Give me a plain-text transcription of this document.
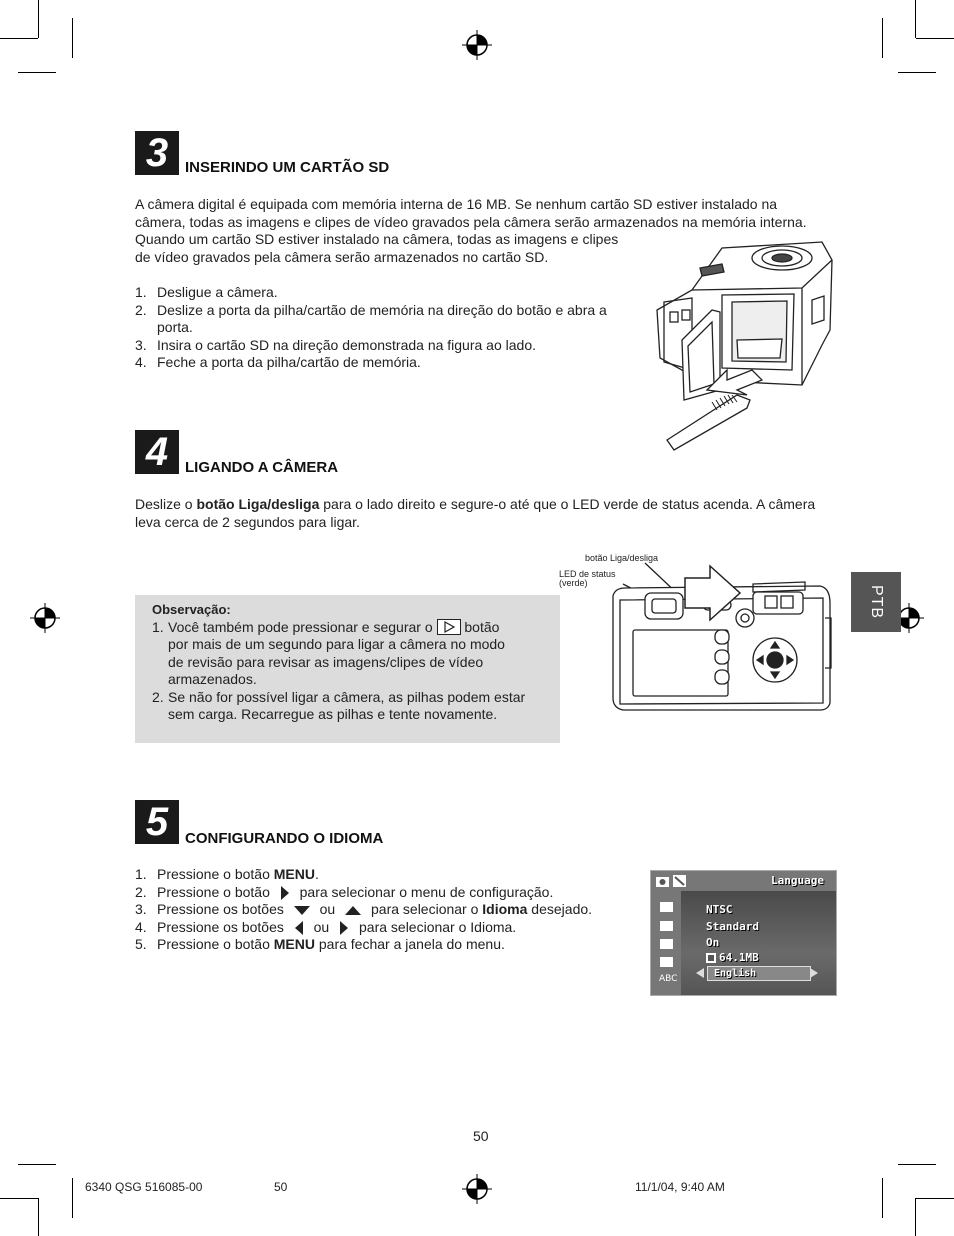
3	INSERINDO UM CARTÃO SD
A câmera digital é equipada com memória interna de 16 MB. Se nenhum cartão SD estiver instalado na
câmera, todas as imagens e clipes de vídeo gravados pela câmera serão armazenados na memória interna.
Quando um cartão SD estiver instalado na câmera, todas as imagens e clipes
de vídeo gravados pela câmera serão armazenados no cartão SD.
1. Desligue a câmera.
2. Deslize a porta da pilha/cartão de memória na direção do botão e abra a porta.
3. Insira o cartão SD na direção demonstrada na figura ao lado.
4. Feche a porta da pilha/cartão de memória.
4	LIGANDO A CÂMERA
Deslize o botão Liga/desliga para o lado direito e segure-o até que o LED verde de status acenda. A câmera
leva cerca de 2 segundos para ligar.
Observação:
1. Você também pode pressionar e segurar o
botão
por mais de um segundo para ligar a câmera no modo
de revisão para revisar as imagens/clipes de vídeo
armazenados.
2. Se não for possível ligar a câmera, as pilhas podem estar
sem carga. Recarregue as pilhas e tente novamente.
botão Liga/desliga
LED de status
(verde)
PTB
5	CONFIGURANDO O IDIOMA
1. Pressione o botão MENU.
2. Pressione o botão  para selecionar o menu de configuração.
3. Pressione os botões  ou  para selecionar o Idioma desejado.
4. Pressione os botões  ou  para selecionar o Idioma.
5. Pressione o botão MENU para fechar a janela do menu.
Language
ABC
NTSC
Standard
On
64.1MB
English
50
6340 QSG 516085-00	50	11/1/04, 9:40 AM
